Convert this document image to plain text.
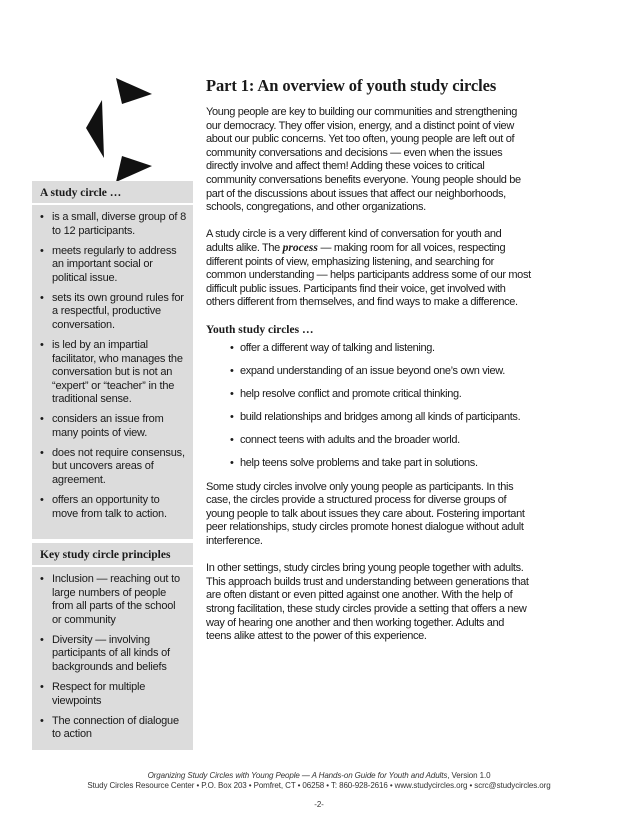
A study circle …
• is a small, diverse group of 8 to 12 participants.
• meets regularly to address an important social or political issue.
• sets its own ground rules for a respectful, productive conversation.
• is led by an impartial facilitator, who manages the conversation but is not an “expert” or “teacher” in the traditional sense.
• considers an issue from many points of view.
• does not require consensus, but uncovers areas of agreement.
• offers an opportunity to move from talk to action.
Key study circle principles
• Inclusion — reaching out to large numbers of people from all parts of the school or community
• Diversity — involving participants of all kinds of backgrounds and beliefs
• Respect for multiple viewpoints
• The connection of dialogue to action
Part 1: An overview of youth study circles

Young people are key to building our communities and strengthening our democracy. They offer vision, energy, and a distinct point of view about our public concerns. Yet too often, young people are left out of community conversations and decisions — even when the issues directly involve and affect them! Adding these voices to critical community conversations benefits everyone. Young people should be part of the discussions about issues that affect our neighborhoods, schools, congregations, and other organizations.

A study circle is a very different kind of conversation for youth and adults alike. The process — making room for all voices, respecting different points of view, emphasizing listening, and searching for common understanding — helps participants address some of our most difficult public issues. Participants find their voice, get involved with others different from themselves, and find ways to make a difference.

Youth study circles …
• offer a different way of talking and listening.
• expand understanding of an issue beyond one’s own view.
• help resolve conflict and promote critical thinking.
• build relationships and bridges among all kinds of participants.
• connect teens with adults and the broader world.
• help teens solve problems and take part in solutions.

Some study circles involve only young people as participants. In this case, the circles provide a structured process for diverse groups of young people to talk about issues they care about. Fostering important peer relationships, study circles promote honest dialogue without adult interference.

In other settings, study circles bring young people together with adults. This approach builds trust and understanding between generations that are often distant or even pitted against one another. With the help of strong facilitation, these study circles provide a setting that offers a new way of hearing one another and then working together. Adults and teens alike attest to the power of this experience.

Organizing Study Circles with Young People — A Hands-on Guide for Youth and Adults, Version 1.0
Study Circles Resource Center • P.O. Box 203 • Pomfret, CT • 06258 • T: 860-928-2616 • www.studycircles.org • scrc@studycircles.org
-2-
